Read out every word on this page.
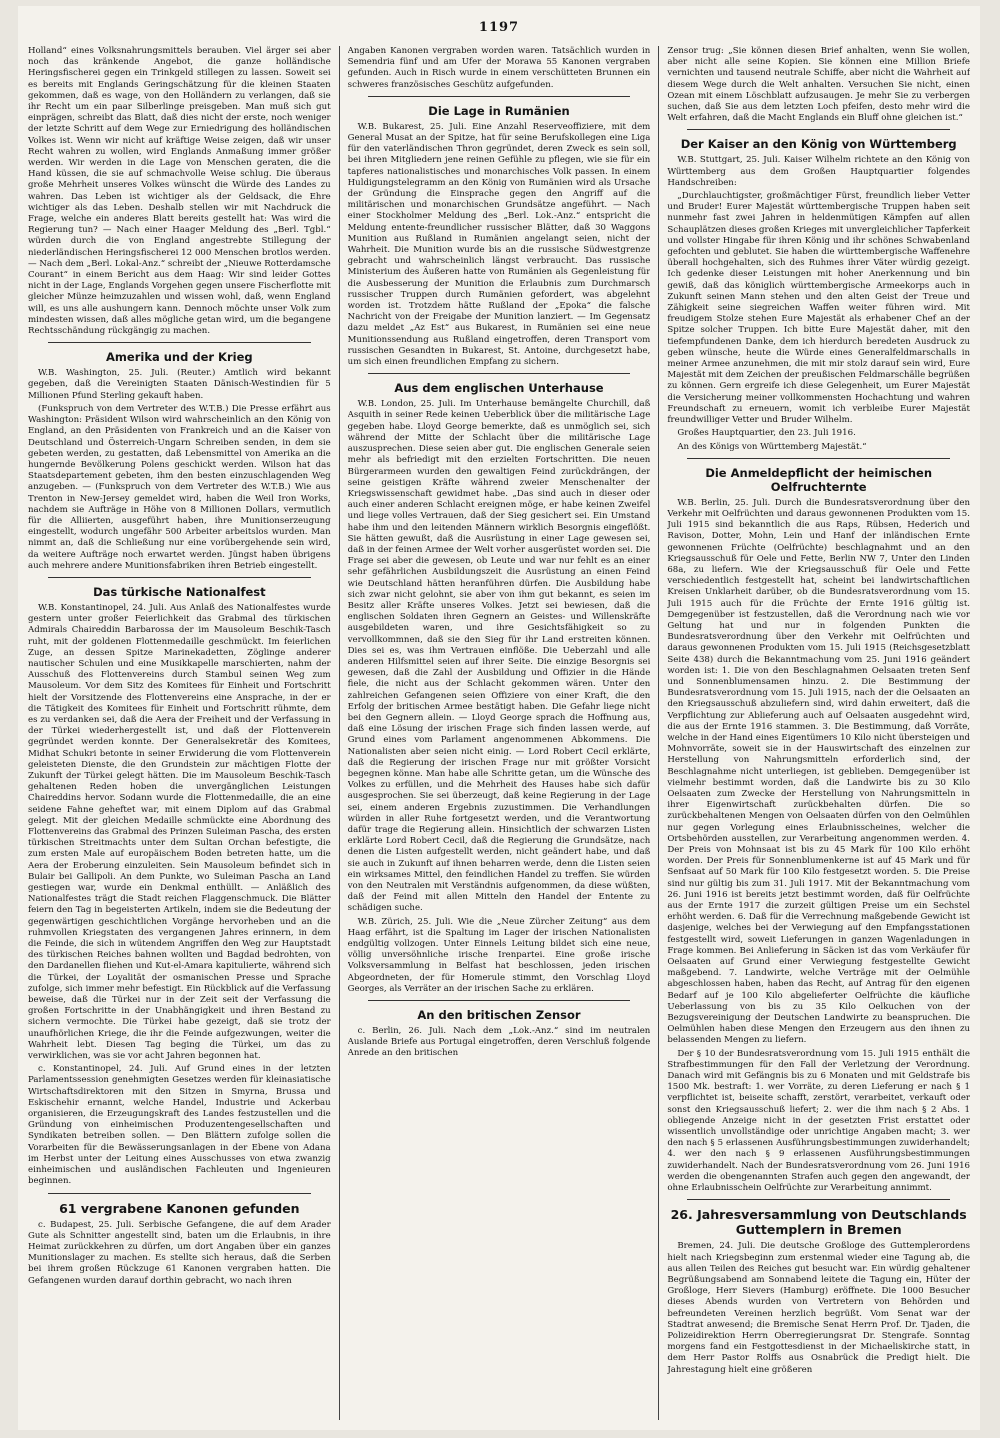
1197

Holland“ eines Volksnahrungsmittels berauben. Viel ärger sei aber noch das kränkende Angebot, die ganze holländische Heringsfischerei gegen ein Trinkgeld stillegen zu lassen. Soweit sei es bereits mit Englands Geringschätzung für die kleinen Staaten gekommen, daß es wage, von den Holländern zu verlangen, daß sie ihr Recht um ein paar Silberlinge preisgeben. Man muß sich gut einprägen, schreibt das Blatt, daß dies nicht der erste, noch weniger der letzte Schritt auf dem Wege zur Erniedrigung des holländischen Volkes ist. Wenn wir nicht auf kräftige Weise zeigen, daß wir unser Recht wahren zu wollen, wird Englands Anmaßung immer größer werden. Wir werden in die Lage von Menschen geraten, die die Hand küssen, die sie auf schmachvolle Weise schlug. Die überaus große Mehrheit unseres Volkes wünscht die Würde des Landes zu wahren. Das Leben ist wichtiger als der Geldsack, die Ehre wichtiger als das Leben. Deshalb stellen wir mit Nachdruck die Frage, welche ein anderes Blatt bereits gestellt hat: Was wird die Regierung tun? — Nach einer Haager Meldung des „Berl. Tgbl.“ würden durch die von England angestrebte Stillegung der niederländischen Heringsfischerei 12 000 Menschen brotlos werden. — Nach dem „Berl. Lokal-Anz.“ schreibt der „Nieuwe Rotterdamsche Courant“ in einem Bericht aus dem Haag: Wir sind leider Gottes nicht in der Lage, Englands Vorgehen gegen unsere Fischerflotte mit gleicher Münze heimzuzahlen und wissen wohl, daß, wenn England will, es uns alle aushungern kann. Dennoch möchte unser Volk zum mindesten wissen, daß alles mögliche getan wird, um die begangene Rechtsschändung rückgängig zu machen.

Amerika und der Krieg

W.B. Washington, 25. Juli. (Reuter.) Amtlich wird bekannt gegeben, daß die Vereinigten Staaten Dänisch-Westindien für 5 Millionen Pfund Sterling gekauft haben.

(Funkspruch von dem Vertreter des W.T.B.) Die Presse erfährt aus Washington: Präsident Wilson wird wahrscheinlich an den König von England, an den Präsidenten von Frankreich und an die Kaiser von Deutschland und Österreich-Ungarn Schreiben senden, in dem sie gebeten werden, zu gestatten, daß Lebensmittel von Amerika an die hungernde Bevölkerung Polens geschickt werden. Wilson hat das Staatsdepartement gebeten, ihm den besten einzuschlagenden Weg anzugeben. — (Funkspruch von dem Vertreter des W.T.B.) Wie aus Trenton in New-Jersey gemeldet wird, haben die Weil Iron Works, nachdem sie Aufträge in Höhe von 8 Millionen Dollars, vermutlich für die Alliierten, ausgeführt haben, ihre Munitionserzeugung eingestellt, wodurch ungefähr 500 Arbeiter arbeitslos wurden. Man nimmt an, daß die Schließung nur eine vorübergehende sein wird, da weitere Aufträge noch erwartet werden. Jüngst haben übrigens auch mehrere andere Munitionsfabriken ihren Betrieb eingestellt.

Das türkische Nationalfest

W.B. Konstantinopel, 24. Juli. Aus Anlaß des Nationalfestes wurde gestern unter großer Feierlichkeit das Grabmal des türkischen Admirals Chaireddin Barbarossa der im Mausoleum Beschik-Tasch ruht, mit der goldenen Flottenmedaille geschmückt. Im feierlichen Zuge, an dessen Spitze Marinekadetten, Zöglinge anderer nautischer Schulen und eine Musikkapelle marschierten, nahm der Ausschuß des Flottenvereins durch Stambul seinen Weg zum Mausoleum. Vor dem Sitz des Komitees für Einheit und Fortschritt hielt der Vorsitzende des Flottenvereins eine Ansprache, in der er die Tätigkeit des Komitees für Einheit und Fortschritt rühmte, dem es zu verdanken sei, daß die Aera der Freiheit und der Verfassung in der Türkei wiederhergestellt ist, und daß der Flottenverein gegründet werden konnte. Der Generalsekretär des Komitees, Midhat Schukri betonte in seiner Erwiderung die vom Flottenverein geleisteten Dienste, die den Grundstein zur mächtigen Flotte der Zukunft der Türkei gelegt hätten. Die im Mausoleum Beschik-Tasch gehaltenen Reden hoben die unvergänglichen Leistungen Chaireddins hervor. Sodann wurde die Flottenmedaille, die an eine seidene Fahne geheftet war, mit einem Diplom auf das Grabmal gelegt. Mit der gleichen Medaille schmückte eine Abordnung des Flottenvereins das Grabmal des Prinzen Suleiman Pascha, des ersten türkischen Streitmachts unter dem Sultan Orchan befestigte, die zum ersten Male auf europäischem Boden betreten hatte, um die Aera der Eroberung einzuleiten. Sein Mausoleum befindet sich in Bulair bei Gallipoli. An dem Punkte, wo Suleiman Pascha an Land gestiegen war, wurde ein Denkmal enthüllt. — Anläßlich des Nationalfestes trägt die Stadt reichen Flaggenschmuck. Die Blätter feiern den Tag in begeisterten Artikeln, indem sie die Bedeutung der gegenwärtigen geschichtlichen Vorgänge hervorheben und an die ruhmvollen Kriegstaten des vergangenen Jahres erinnern, in dem die Feinde, die sich in wütendem Angriffen den Weg zur Hauptstadt des türkischen Reiches bahnen wollten und Bagdad bedrohten, von den Dardanellen fliehen und Kut-el-Amara kapitulierte, während sich die Türkei, der Loyalität der osmanischen Presse und Sprache zufolge, sich immer mehr befestigt. Ein Rückblick auf die Verfassung beweise, daß die Türkei nur in der Zeit seit der Verfassung die großen Fortschritte in der Unabhängigkeit und ihren Bestand zu sichern vermochte. Die Türkei habe gezeigt, daß sie trotz der unaufhörlichen Kriege, die ihr die Feinde aufgezwungen, weiter die Wahrheit lebt. Diesen Tag beging die Türkei, um das zu verwirklichen, was sie vor acht Jahren begonnen hat.

c. Konstantinopel, 24. Juli. Auf Grund eines in der letzten Parlamentssession genehmigten Gesetzes werden für kleinasiatische Wirtschaftsdirektoren mit den Sitzen in Smyrna, Brussa und Eskischehir ernannt, welche Handel, Industrie und Ackerbau organisieren, die Erzeugungskraft des Landes festzustellen und die Gründung von einheimischen Produzentengesellschaften und Syndikaten betreiben sollen. — Den Blättern zufolge sollen die Vorarbeiten für die Bewässerungsanlagen in der Ebene von Adana im Herbst unter der Leitung eines Ausschusses von etwa zwanzig einheimischen und ausländischen Fachleuten und Ingenieuren beginnen.

61 vergrabene Kanonen gefunden

c. Budapest, 25. Juli. Serbische Gefangene, die auf dem Arader Gute als Schnitter angestellt sind, baten um die Erlaubnis, in ihre Heimat zurückkehren zu dürfen, um dort Angaben über ein ganzes Munitionslager zu machen. Es stellte sich heraus, daß die Serben bei ihrem großen Rückzuge 61 Kanonen vergraben hatten. Die Gefangenen wurden darauf dorthin gebracht, wo nach ihren

Angaben Kanonen vergraben worden waren. Tatsächlich wurden in Semendria fünf und am Ufer der Morawa 55 Kanonen vergraben gefunden. Auch in Risch wurde in einem verschütteten Brunnen ein schweres französisches Geschütz aufgefunden.

Die Lage in Rumänien

W.B. Bukarest, 25. Juli. Eine Anzahl Reserveoffiziere, mit dem General Musat an der Spitze, hat für seine Berufskollegen eine Liga für den vaterländischen Thron gegründet, deren Zweck es sein soll, bei ihren Mitgliedern jene reinen Gefühle zu pflegen, wie sie für ein tapferes nationalistisches und monarchisches Volk passen. In einem Huldigungstelegramm an den König von Rumänien wird als Ursache der Gründung die Einsprache gegen den Angriff auf die militärischen und monarchischen Grundsätze angeführt. — Nach einer Stockholmer Meldung des „Berl. Lok.-Anz.“ entspricht die Meldung entente-freundlicher russischer Blätter, daß 30 Waggons Munition aus Rußland in Rumänien angelangt seien, nicht der Wahrheit. Die Munition wurde bis an die russische Südwestgrenze gebracht und wahrscheinlich längst verbraucht. Das russische Ministerium des Äußeren hatte von Rumänien als Gegenleistung für die Ausbesserung der Munition die Erlaubnis zum Durchmarsch russischer Truppen durch Rumänien gefordert, was abgelehnt worden ist. Trotzdem hätte Rußland der „Epoka“ die falsche Nachricht von der Freigabe der Munition lanziert. — Im Gegensatz dazu meldet „Az Est“ aus Bukarest, in Rumänien sei eine neue Munitionssendung aus Rußland eingetroffen, deren Transport vom russischen Gesandten in Bukarest, St. Antoine, durchgesetzt habe, um sich einen freundlichen Empfang zu sichern.

Aus dem englischen Unterhause

W.B. London, 25. Juli. Im Unterhause bemängelte Churchill, daß Asquith in seiner Rede keinen Ueberblick über die militärische Lage gegeben habe. Lloyd George bemerkte, daß es unmöglich sei, sich während der Mitte der Schlacht über die militärische Lage auszusprechen. Diese seien aber gut. Die englischen Generale seien mehr als befriedigt mit den erzielten Fortschritten. Die neuen Bürgerarmeen wurden den gewaltigen Feind zurückdrängen, der seine geistigen Kräfte während zweier Menschenalter der Kriegswissenschaft gewidmet habe. „Das sind auch in dieser oder auch einer anderen Schlacht ereignen möge, er habe keinen Zweifel und liege volles Vertrauen, daß der Sieg gesichert sei. Ein Umstand habe ihm und den leitenden Männern wirklich Besorgnis eingeflößt. Sie hätten gewußt, daß die Ausrüstung in einer Lage gewesen sei, daß in der feinen Armee der Welt vorher ausgerüstet worden sei. Die Frage sei aber die gewesen, ob Leute und war nur fehlt es an einer sehr gefährlichen Ausbildungszeit die Ausrüstung an einen Feind wie Deutschland hätten heranführen dürfen. Die Ausbildung habe sich zwar nicht gelohnt, sie aber von ihm gut bekannt, es seien im Besitz aller Kräfte unseres Volkes. Jetzt sei bewiesen, daß die englischen Soldaten ihren Gegnern an Geistes- und Willenskräfte ausgebildeten waren, und ihre Gesichtsfähigkeit so zu vervollkommnen, daß sie den Sieg für ihr Land erstreiten können. Dies sei es, was ihm Vertrauen einflöße. Die Ueberzahl und alle anderen Hilfsmittel seien auf ihrer Seite. Die einzige Besorgnis sei gewesen, daß die Zahl der Ausbildung und Offizier in die Hände fiele, die nicht aus der Schlacht gekommen wären. Unter den zahlreichen Gefangenen seien Offiziere von einer Kraft, die den Erfolg der britischen Armee bestätigt haben. Die Gefahr liege nicht bei den Gegnern allein. — Lloyd George sprach die Hoffnung aus, daß eine Lösung der irischen Frage sich finden lassen werde, auf Grund eines vom Parlament angenommenen Abkommens. Die Nationalisten aber seien nicht einig. — Lord Robert Cecil erklärte, daß die Regierung der irischen Frage nur mit größter Vorsicht begegnen könne. Man habe alle Schritte getan, um die Wünsche des Volkes zu erfüllen, und die Mehrheit des Hauses habe sich dafür ausgesprochen. Sie sei überzeugt, daß keine Regierung in der Lage sei, einem anderen Ergebnis zuzustimmen. Die Verhandlungen würden in aller Ruhe fortgesetzt werden, und die Verantwortung dafür trage die Regierung allein. Hinsichtlich der schwarzen Listen erklärte Lord Robert Cecil, daß die Regierung die Grundsätze, nach denen die Listen aufgestellt werden, nicht geändert habe, und daß sie auch in Zukunft auf ihnen beharren werde, denn die Listen seien ein wirksames Mittel, den feindlichen Handel zu treffen. Sie würden von den Neutralen mit Verständnis aufgenommen, da diese wüßten, daß der Feind mit allen Mitteln den Handel der Entente zu schädigen suche.

W.B. Zürich, 25. Juli. Wie die „Neue Zürcher Zeitung“ aus dem Haag erfährt, ist die Spaltung im Lager der irischen Nationalisten endgültig vollzogen. Unter Einnels Leitung bildet sich eine neue, völlig unversöhnliche irische Irenpartei. Eine große irische Volksversammlung in Belfast hat beschlossen, jeden irischen Abgeordneten, der für Homerule stimmt, den Vorschlag Lloyd Georges, als Verräter an der irischen Sache zu erklären.

An den britischen Zensor

c. Berlin, 26. Juli. Nach dem „Lok.-Anz.“ sind im neutralen Auslande Briefe aus Portugal eingetroffen, deren Verschluß folgende Anrede an den britischen

Zensor trug: „Sie können diesen Brief anhalten, wenn Sie wollen, aber nicht alle seine Kopien. Sie können eine Million Briefe vernichten und tausend neutrale Schiffe, aber nicht die Wahrheit auf diesem Wege durch die Welt anhalten. Versuchen Sie nicht, einen Ozean mit einem Löschblatt aufzusaugen. Je mehr Sie zu verbergen suchen, daß Sie aus dem letzten Loch pfeifen, desto mehr wird die Welt erfahren, daß die Macht Englands ein Bluff ohne gleichen ist.“

Der Kaiser an den König von Württemberg

W.B. Stuttgart, 25. Juli. Kaiser Wilhelm richtete an den König von Württemberg aus dem Großen Hauptquartier folgendes Handschreiben:

„Durchlauchtigster, großmächtiger Fürst, freundlich lieber Vetter und Bruder! Eurer Majestät württembergische Truppen haben seit nunmehr fast zwei Jahren in heldenmütigen Kämpfen auf allen Schauplätzen dieses großen Krieges mit unvergleichlicher Tapferkeit und vollster Hingabe für ihren König und ihr schönes Schwabenland gefochten und geblutet. Sie haben die württembergische Waffenehre überall hochgehalten, sich des Ruhmes ihrer Väter würdig gezeigt. Ich gedenke dieser Leistungen mit hoher Anerkennung und bin gewiß, daß das königlich württembergische Armeekorps auch in Zukunft seinen Mann stehen und den alten Geist der Treue und Zähigkeit seine siegreichen Waffen weiter führen wird. Mit freudigem Stolze stehen Eure Majestät als erhabener Chef an der Spitze solcher Truppen. Ich bitte Eure Majestät daher, mit den tiefempfundenen Danke, dem ich hierdurch beredeten Ausdruck zu geben wünsche, heute die Würde eines Generalfeldmarschalls in meiner Armee anzunehmen, die mit mir stolz darauf sein wird, Eure Majestät mit dem Zeichen der preußischen Feldmarschälle begrüßen zu können. Gern ergreife ich diese Gelegenheit, um Eurer Majestät die Versicherung meiner vollkommensten Hochachtung und wahren Freundschaft zu erneuern, womit ich verbleibe Eurer Majestät freundwilliger Vetter und Bruder Wilhelm.

Großes Hauptquartier, den 23. Juli 1916.

An des Königs von Württemberg Majestät.“

Die Anmeldepflicht der heimischen Oelfruchternte

W.B. Berlin, 25. Juli. Durch die Bundesratsverordnung über den Verkehr mit Oelfrüchten und daraus gewonnenen Produkten vom 15. Juli 1915 sind bekanntlich die aus Raps, Rübsen, Hederich und Ravison, Dotter, Mohn, Lein und Hanf der inländischen Ernte gewonnenen Früchte (Oelfrüchte) beschlagnahmt und an den Kriegsausschuß für Oele und Fette, Berlin NW 7, Unter den Linden 68a, zu liefern. Wie der Kriegsausschuß für Oele und Fette verschiedentlich festgestellt hat, scheint bei landwirtschaftlichen Kreisen Unklarheit darüber, ob die Bundesratsverordnung vom 15. Juli 1915 auch für die Früchte der Ernte 1916 gültig ist. Demgegenüber ist festzustellen, daß die Verordnung nach wie vor Geltung hat und nur in folgenden Punkten die Bundesratsverordnung über den Verkehr mit Oelfrüchten und daraus gewonnenen Produkten vom 15. Juli 1915 (Reichsgesetzblatt Seite 438) durch die Bekanntmachung vom 25. Juni 1916 geändert worden ist: 1. Die von den Beschlagnahmen Oelsaaten treten Senf und Sonnenblumensamen hinzu. 2. Die Bestimmung der Bundesratsverordnung vom 15. Juli 1915, nach der die Oelsaaten an den Kriegsausschuß abzuliefern sind, wird dahin erweitert, daß die Verpflichtung zur Ablieferung auch auf Oelsaaten ausgedehnt wird, die aus der Ernte 1916 stammen. 3. Die Bestimmung, daß Vorräte, welche in der Hand eines Eigentümers 10 Kilo nicht übersteigen und Mohnvorräte, soweit sie in der Hauswirtschaft des einzelnen zur Herstellung von Nahrungsmitteln erforderlich sind, der Beschlagnahme nicht unterliegen, ist geblieben. Demgegenüber ist vielmehr bestimmt worden, daß die Landwirte bis zu 30 Kilo Oelsaaten zum Zwecke der Herstellung von Nahrungsmitteln in ihrer Eigenwirtschaft zurückbehalten dürfen. Die so zurückbehaltenen Mengen von Oelsaaten dürfen von den Oelmühlen nur gegen Vorlegung eines Erlaubnisscheines, welcher die Ortsbehörden ausstellen, zur Verarbeitung angenommen werden. 4. Der Preis von Mohnsaat ist bis zu 45 Mark für 100 Kilo erhöht worden. Der Preis für Sonnenblumenkerne ist auf 45 Mark und für Senfsaat auf 50 Mark für 100 Kilo festgesetzt worden. 5. Die Preise sind nur gültig bis zum 31. Juli 1917. Mit der Bekanntmachung vom 26. Juni 1916 ist bereits jetzt bestimmt worden, daß für Oelfrüchte aus der Ernte 1917 die zurzeit gültigen Preise um ein Sechstel erhöht werden. 6. Daß für die Verrechnung maßgebende Gewicht ist dasjenige, welches bei der Verwiegung auf den Empfangsstationen festgestellt wird, soweit Lieferungen in ganzen Wagenladungen in Frage kommen. Bei Anlieferung in Säcken ist das vom Verkäufer für Oelsaaten auf Grund einer Verwiegung festgestellte Gewicht maßgebend. 7. Landwirte, welche Verträge mit der Oelmühle abgeschlossen haben, haben das Recht, auf Antrag für den eigenen Bedarf auf je 100 Kilo abgelieferter Oelfrüchte die käufliche Ueberlassung von bis zu 35 Kilo Oelkuchen von der Bezugsvereinigung der Deutschen Landwirte zu beanspruchen. Die Oelmühlen haben diese Mengen den Erzeugern aus den ihnen zu belassenden Mengen zu liefern.

Der § 10 der Bundesratsverordnung vom 15. Juli 1915 enthält die Strafbestimmungen für den Fall der Verletzung der Verordnung. Danach wird mit Gefängnis bis zu 6 Monaten und mit Geldstrafe bis 1500 Mk. bestraft: 1. wer Vorräte, zu deren Lieferung er nach § 1 verpflichtet ist, beiseite schafft, zerstört, verarbeitet, verkauft oder sonst den Kriegsausschuß liefert; 2. wer die ihm nach § 2 Abs. 1 obliegende Anzeige nicht in der gesetzten Frist erstattet oder wissentlich unvollständige oder unrichtige Angaben macht; 3. wer den nach § 5 erlassenen Ausführungsbestimmungen zuwiderhandelt; 4. wer den nach § 9 erlassenen Ausführungsbestimmungen zuwiderhandelt. Nach der Bundesratsverordnung vom 26. Juni 1916 werden die obengenannten Strafen auch gegen den angewandt, der ohne Erlaubnisschein Oelfrüchte zur Verarbeitung annimmt.

26. Jahresversammlung von Deutschlands Guttemplern in Bremen

Bremen, 24. Juli. Die deutsche Großloge des Guttemplerordens hielt nach Kriegsbeginn zum erstenmal wieder eine Tagung ab, die aus allen Teilen des Reiches gut besucht war. Ein würdig gehaltener Begrüßungsabend am Sonnabend leitete die Tagung ein, Hüter der Großloge, Herr Sievers (Hamburg) eröffnete. Die 1000 Besucher dieses Abends wurden von Vertretern von Behörden und befreundeten Vereinen herzlich begrüßt. Vom Senat war der Stadtrat anwesend; die Bremische Senat Herrn Prof. Dr. Tjaden, die Polizeidirektion Herrn Oberregierungsrat Dr. Stengrafe. Sonntag morgens fand ein Festgottesdienst in der Michaeliskirche statt, in dem Herr Pastor Rolffs aus Osnabrück die Predigt hielt. Die Jahrestagung hielt eine größeren
